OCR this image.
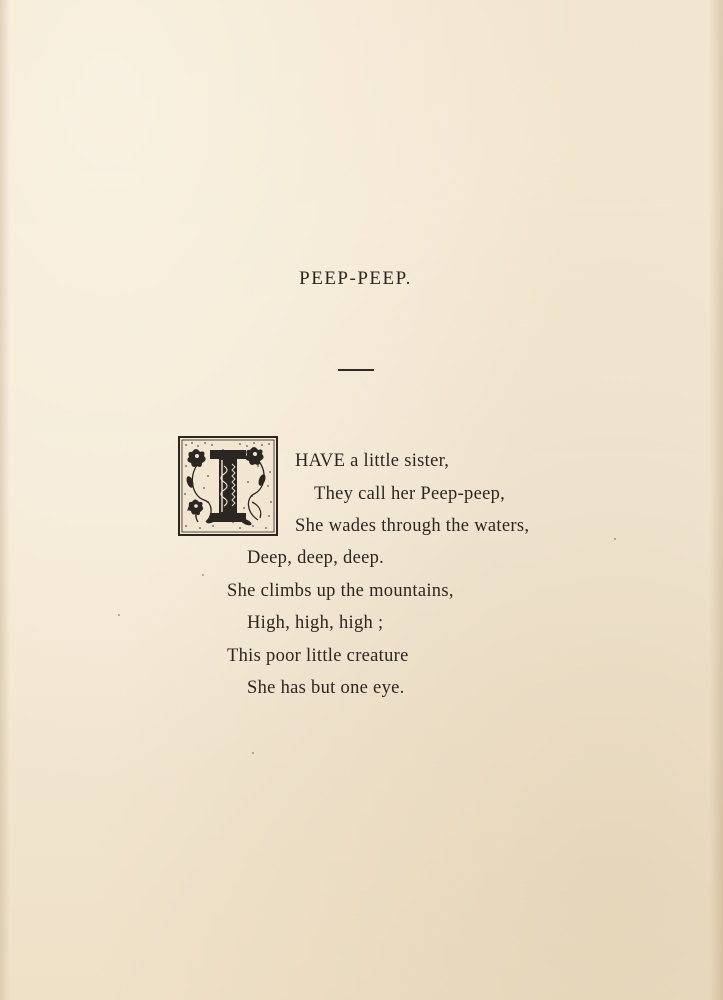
PEEP-PEEP.
HAVE a little sister,
They call her Peep-peep,
She wades through the waters,
Deep, deep, deep.
She climbs up the mountains,
High, high, high ;
This poor little creature
She has but one eye.
